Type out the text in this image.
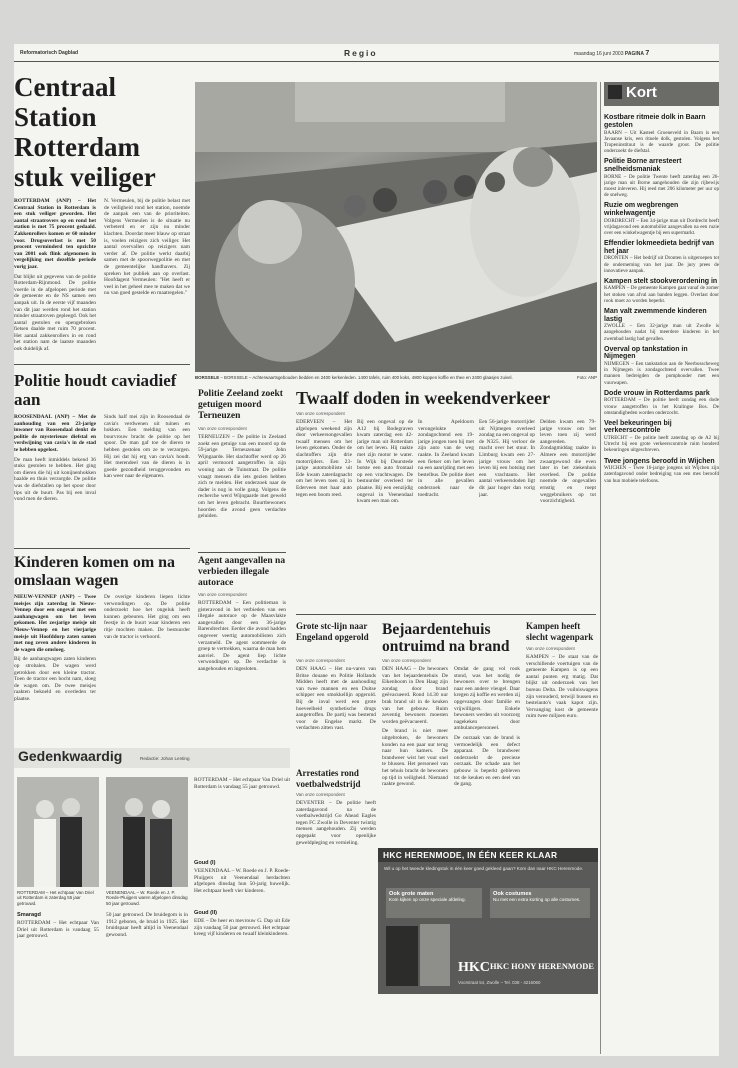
Reformatorisch Dagblad	Regio	maandag 16 juni 2003 PAGINA 7
Centraal Station Rotterdam stuk veiliger

ROTTERDAM (ANP) – Het Centraal Station in Rotterdam is een stuk veiliger geworden. Het aantal straatrovers op en rond het station is met 75 procent gedaald. Zakkenrollers komen er 60 minder voor. Drugsoverlast is met 50 procent verminderd ten opzichte van 2001 ook flink afgenomen in vergelijking met dezelfde periode vorig jaar.

Dat blijkt uit gegevens van de politie Rotterdam-Rijnmond. De politie voerde in de afgelopen periode met de gemeente en de NS samen een aanpak uit. In de eerste vijf maanden van dit jaar werden rond het station minder straatroven gepleegd. Ook het aantal gestolen en opengebroken fietsen daalde met ruim 70 procent. Het aantal zakkenrollers in en rond het station nam de laatste maanden ook duidelijk af.

N. Vermeulen, bij de politie belast met de veiligheid rond het station, noemde de aanpak een van de prioriteiten. Volgens Vermeulen is de situatie nu verbeterd en er zijn nu minder klachten. Doordat meer blauw op straat is, voelen reizigers zich veiliger. Het aantal overvallen op reizigers nam verder af. De politie werkt daarbij samen met de spoorwegpolitie en met de gemeentelijke handhavers. Zij spreken het publiek aan op overlast. Hoofdagent Vermeulen: "Het heeft er veel in het geheel mee te maken dat we nu van goed gestelde en maatregelen."

BORSSELE – BORSSELE – Achterwaartsgebouden bedden en 2400 kerkenleden. 1400 tafels, ruim 400 koks, 4800 koppen koffie en thee en 2400 glaasjes zuivel.	Foto: ANP
Kort
Kostbare ritmeie dolk in Baarn gestolen
BAARN – Uit Kasteel Groeneveld in Baarn is een Javaanse kris, een rituele dolk, gestolen. Volgens het Tropeninstituut is de waarde groot. De politie onderzoekt de diefstal.
Politie Borne arresteert snelheidsmaniak
BORNE – De politie Twente heeft zaterdag een 26-jarige man uit Borne aangehouden die zijn rijbewijs moest inleveren. Hij reed met 206 kilometer per uur op de snelweg.
Ruzie om wegbrengen winkelwagentje
DORDRECHT – Een 34-jarige man uit Dordrecht heeft vrijdagavond een automobilist aangevallen na een ruzie over een winkelwagentje bij een supermarkt.
Effendier lokmeedieta bedrijf van het jaar
DRONTEN – Het bedrijf uit Dronten is uitgeroepen tot de onderneming van het jaar. De jury prees de innovatieve aanpak.
Kampen stelt stookverordening in
KAMPEN – De gemeente Kampen gaat vanaf de zomer het stoken van afval aan banden leggen. Overlast door rook moet zo worden beperkt.
Man valt zwemmende kinderen lastig
ZWOLLE – Een 32-jarige man uit Zwolle is aangehouden nadat hij meerdere kinderen in het zwembad lastig had gevallen.
Overval op tankstation in Nijmegen
NIJMEGEN – Een tankstation aan de Neerbosscheweg in Nijmegen is zondagochtend overvallen. Twee mannen bedreigden de pomphouder met een vuurwapen.
Dode vrouw in Rotterdams park
ROTTERDAM – De politie heeft zondag een dode vrouw aangetroffen in het Kralingse Bos. De omstandigheden worden onderzocht.
Veel bekeuringen bij verkeerscontrole
UTRECHT – De politie heeft zaterdag op de A2 bij Utrecht bij een grote verkeerscontrole ruim honderd bekeuringen uitgeschreven.
Twee jongens beroofd in Wijchen
WIJCHEN – Twee 16-jarige jongens uit Wijchen zijn zaterdagavond onder bedreiging van een mes beroofd van hun mobiele telefoons.
Politie houdt caviadief aan

ROOSENDAAL (ANP) – Met de aanhouding van een 23-jarige inwoner van Roosendaal denkt de politie de mysterieuze diefstal en verdwijning van cavia's in de stad te hebben opgelost.

De man heeft inmiddels bekend 36 stuks gestolen te hebben. Het ging om dieren die hij uit konijnenhokken haalde en thuis verzorgde. De politie was de diefstallen op het spoor door tips uit de buurt. Pas bij een inval vond men de dieren.

Sinds half mei zijn in Roosendaal de cavia's verdwenen uit tuinen en hokken. Een melding van een buurvrouw bracht de politie op het spoor. De man gaf toe de dieren te hebben gestolen om ze te verzorgen. Hij zei dat hij erg van cavia's houdt. Het merendeel van de dieren is in goede gezondheid teruggevonden en kan weer naar de eigenaren.

Kinderen komen om na omslaan wagen

NIEUW-VENNEP (ANP) – Twee meisjes zijn zaterdag in Nieuw-Vennep door een ongeval met een aanhangwagen om het leven gekomen. Het zesjarige meisje uit Nieuw-Vennep en het vierjarige meisje uit Hoofddorp zaten samen met nog zeven andere kinderen in de wagen die omsloeg.

Bij de aanhangwagen zaten kinderen op strobalen. De wagen werd getrokken door een kleine tractor. Toen de tractor een bocht nam, sloeg de wagen om. De twee meisjes raakten bekneld en overleden ter plaatse.

De overige kinderen liepen lichte verwondingen op. De politie onderzoekt hoe het ongeluk heeft kunnen gebeuren. Het ging om een feestje in de buurt waar kinderen een ritje mochten maken. De bestuurder van de tractor is verhoord.

Politie Zeeland zoekt getuigen moord Terneuzen
Van onze correspondent

TERNEUZEN – De politie in Zeeland zoekt een getuige van een moord op de 59-jarige Terneuzenaar John Wijngaarde. Het slachtoffer werd op 26 april vermoord aangetroffen in zijn woning aan de Tuinstraat. De politie vraagt mensen die iets gezien hebben zich te melden. Het onderzoek naar de dader is nog in volle gang. Volgens de recherche werd Wijngaarde met geweld om het leven gebracht. Buurtbewoners hoorden die avond geen verdachte geluiden.

Agent aangevallen na verbieden illegale autorace
Van onze correspondent

ROTTERDAM – Een politieman is gisteravond in het verbieden van een illegale autorace op de Maasvlakte aangevallen door een 36-jarige Barendrechter. Eerder die avond hadden ongeveer veertig automobilisten zich verzameld. De agent sommeerde de groep te vertrekken, waarna de man hem aanviel. De agent liep lichte verwondingen op. De verdachte is aangehouden en ingesloten.

Twaalf doden in weekendverkeer
Van onze correspondent

EDERVEEN – Het afgelopen weekend zijn door verkeersongevallen twaalf mensen om het leven gekomen. Onder de slachtoffers zijn drie motorrijders. Een 23-jarige automobiliste uit Ede kwam zaterdagnacht om het leven toen zij in Ederveen met haar auto tegen een boom reed.

Bij een ongeval op de A12 bij Bodegraven kwam zaterdag een 42-jarige man uit Rotterdam om het leven. Hij raakte met zijn motor te water. In Wijk bij Duurstede botste een auto frontaal op een vrachtwagen. De bestuurder overleed ter plaatse. Bij een eenzijdig ongeval in Veenendaal kwam een man om.

In Apeldoorn verongelukte zondagochtend een 19-jarige jongen toen hij met zijn auto van de weg raakte. In Zeeland kwam een fietser om het leven na een aanrijding met een bestelbus. De politie doet in alle gevallen onderzoek naar de toedracht.

Een 56-jarige motorrijder uit Nijmegen overleed zondag na een ongeval op de N325. Hij verloor de macht over het stuur. In Limburg kwam een 27-jarige vrouw om het leven bij een botsing met een vrachtauto. Het aantal verkeersdoden ligt dit jaar hoger dan vorig jaar.

Delden kwam een 79-jarige vrouw om het leven toen zij werd aangereden. Zondagmiddag raakte in Almere een motorrijder zwaargewond die even later in het ziekenhuis overleed. De politie noemde de ongevallen ernstig en roept weggebruikers op tot voorzichtigheid.

Grote stc-lijn naar Engeland opgerold
Van onze correspondent

DEN HAAG – Het nu-varen van Britse douane en Politie Hollands Midden heeft met de aanhouding van twee mannen en een Duitse schipper een smokkellijn opgerold. Bij de inval werd een grote hoeveelheid synthetische drugs aangetroffen. De partij was bestemd voor de Engelse markt. De verdachten zitten vast.

Arrestaties rond voetbalwedstrijd
Van onze correspondent

DEVENTER – De politie heeft zaterdagavond na de voetbalwedstrijd Go Ahead Eagles tegen FC Zwolle in Deventer twintig mensen aangehouden. Zij werden opgepakt voor openlijke geweldpleging en vernieling.

Bejaardentehuis ontruimd na brand
Van onze correspondent

DEN HAAG – De bewoners van het bejaardentehuis De Eikenboom in Den Haag zijn zondag door brand geëvacueerd. Rond 14.30 uur brak brand uit in de keuken van het gebouw. Ruim zeventig bewoners moesten worden geëvacueerd.

De brand is niet meer uitgebroken, de bewoners konden na een paar uur terug naar hun kamers. De brandweer wist het vuur snel te blussen. Het personeel van het tehuis bracht de bewoners op tijd in veiligheid. Niemand raakte gewond.

Omdat de gang vol rook stond, was het nodig de bewoners over te brengen naar een andere vleugel. Daar kregen zij koffie en werden zij opgevangen door familie en vrijwilligers. Enkele bewoners werden uit voorzorg nagekeken door ambulancepersoneel.

De oorzaak van de brand is vermoedelijk een defect apparaat. De brandweer onderzoekt de precieze oorzaak. De schade aan het gebouw is beperkt gebleven tot de keuken en een deel van de gang.

Kampen heeft slecht wagenpark
Van onze correspondent

KAMPEN – De staat van de verschillende voertuigen van de gemeente Kampen is op een aantal punten erg matig. Dat blijkt uit onderzoek van het bureau Delta. De vuilniswagens zijn verouderd, terwijl bussen en bestelauto's vaak kapot zijn. Vervanging kost de gemeente ruim twee miljoen euro.

Gedenkwaardig	Redactie: Johan Lenting
ROTTERDAM – Het echtpaar Van Driel uit Rotterdam is zaterdag 55 jaar getrouwd.
Smaragd

ROTTERDAM – Het echtpaar Van Driel uit Rotterdam is vandaag 55 jaar getrouwd.

VEENENDAAL – W. Roede en J. P. Roede-Pluijgers waren afgelopen dinsdag 50 jaar getrouwd.

50 jaar getrouwd. De bruidegom is in 1912 geboren, de bruid in 1925. Het bruidspaar heeft altijd in Veenendaal gewoond.

ROTTERDAM – Het echtpaar Van Driel uit Rotterdam is vandaag 55 jaar getrouwd.

Goud (I)

VEENENDAAL – W. Roede en J. P. Roede-Pluijgers uit Veenendaal herdachten afgelopen dinsdag hun 50-jarig huwelijk. Het echtpaar heeft vier kinderen.

Goud (II)

EDE – De heer en mevrouw G. Dap uit Ede zijn vandaag 50 jaar getrouwd. Het echtpaar kreeg vijf kinderen en twaalf kleinkinderen.

HKC HERENMODE, IN ÉÉN KEER KLAAR
Wil u op het tweede kledingstuk in één keer goed gekleed gaan? Kom dan naar HKC Herenmode.
Ook grote maten
Kom kijken op onze speciale afdeling.
Ook costumes
Nu met een extra korting op alle costumes.
HKC HKC HONY HERENMODE
Voorstraat 54, Zwolle – Tel. 038 - 4216060
